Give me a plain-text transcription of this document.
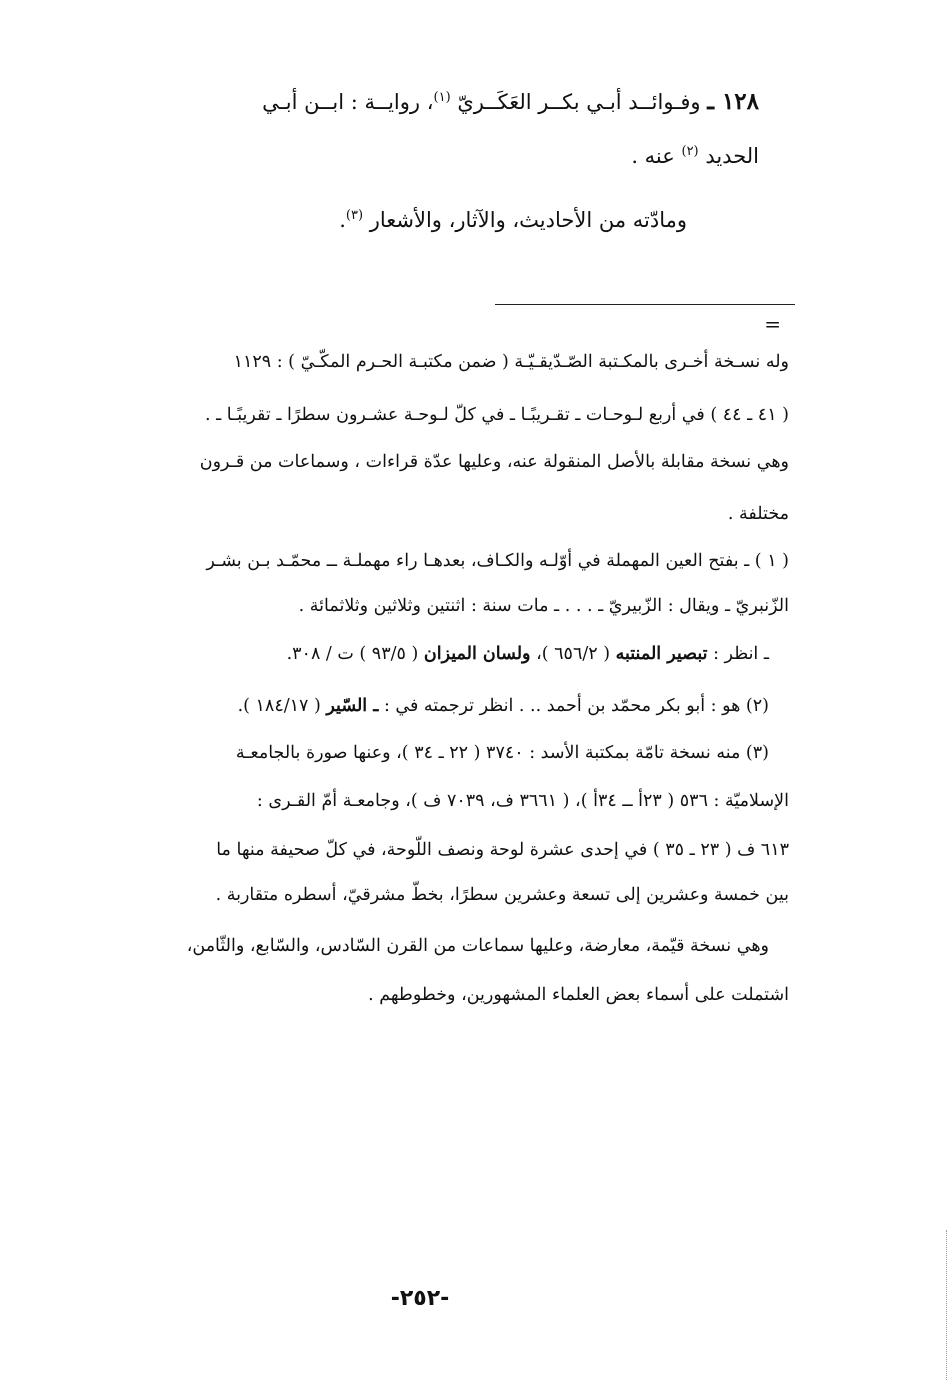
١٢٨ ـ وفـوائــد أبـي بكــر العَكَــريّ $^{(١)}$، روايــة : ابــن أبـي
الحديد $^{(٢)}$ عنه .
ومادّته من الأحاديث، والآثار، والأشعار $^{(٣)}$.
=
وله نسـخة أخـرى بالمكـتبة الصّـدّيقـيّـة ( ضمن مكتبـة الحـرم المكّـيّ ) : ١١٢٩
( ٤١ ـ ٤٤ ) في أربع لـوحـات ـ تقـريبًـا ـ في كلّ لـوحـة عشـرون سطرًا ـ تقريبًـا ـ .
وهي نسخة مقابلة بالأصل المنقولة عنه، وعليها عدّة قراءات ، وسماعات من قـرون
مختلفة .
( ١ ) ـ بفتح العين المهملة في أوّلـه والكـاف، بعدهـا راء مهملـة ــ محمّـد بـن بشـر
الزّنبريّ ـ ويقال : الزّبيريّ ـ . . . ـ مات سنة : اثنتين وثلاثين وثلاثمائة .
ـ انظر : تبصير المنتبه ( ٦٥٦/٢ )، ولسان الميزان ( ٩٣/٥ ) ت / ٣٠٨.
(٢) هو : أبو بكر محمّد بن أحمد .. . انظر ترجمته في : ـ السّير ( ١٨٤/١٧ ).
(٣) منه نسخة تامّة بمكتبة الأسد : ٣٧٤٠ ( ٢٢ ـ ٣٤ )، وعنها صورة بالجامعـة
الإسلاميّة : ٥٣٦ ( ٢٣أ ــ ٣٤أ )، ( ٣٦٦١ ف، ٧٠٣٩ ف )، وجامعـة أمّ القـرى :
٦١٣ ف ( ٢٣ ـ ٣٥ ) في إحدى عشرة لوحة ونصف اللّوحة، في كلّ صحيفة منها ما
بين خمسة وعشرين إلى تسعة وعشرين سطرًا، بخطّ مشرقيّ، أسطره متقاربة .
وهي نسخة قيّمة، معارضة، وعليها سماعات من القرن السّادس، والسّابع، والثّامن،
اشتملت على أسماء بعض العلماء المشهورين، وخطوطهم .
-٢٥٢-
